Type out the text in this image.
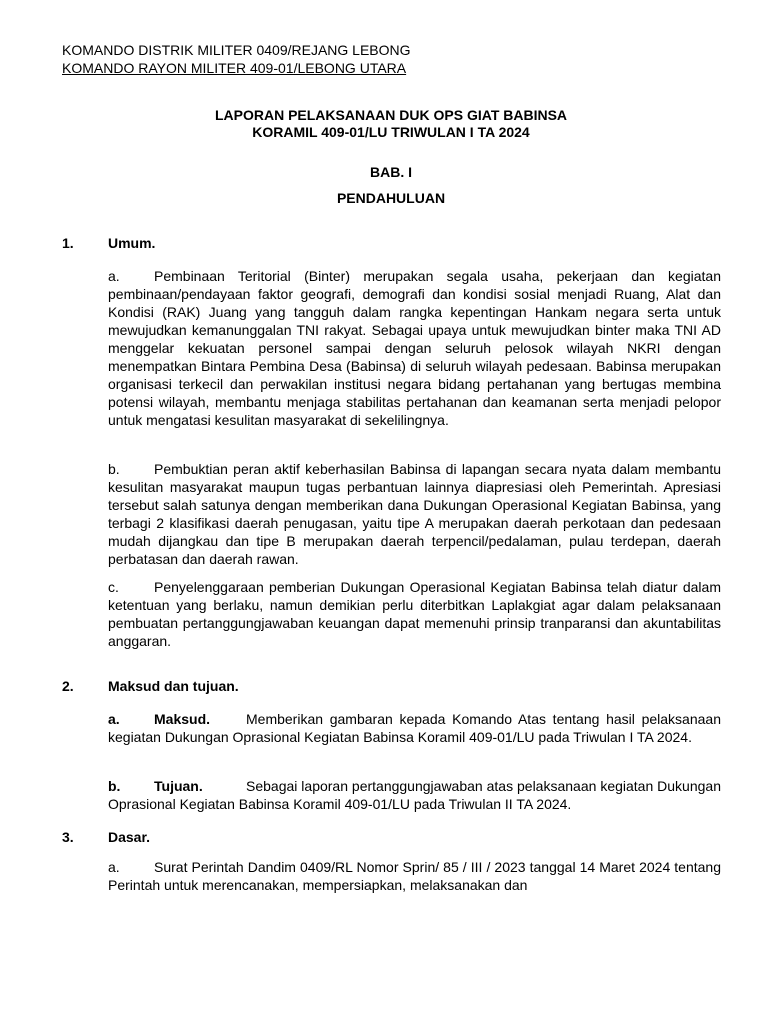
KOMANDO DISTRIK MILITER 0409/REJANG LEBONG
KOMANDO RAYON MILITER 409-01/LEBONG UTARA
LAPORAN PELAKSANAAN DUK OPS GIAT BABINSA
KORAMIL 409-01/LU TRIWULAN I TA 2024
BAB. I
PENDAHULUAN
1. Umum.
a. Pembinaan Teritorial (Binter) merupakan segala usaha, pekerjaan dan kegiatan pembinaan/pendayaan faktor geografi, demografi dan kondisi sosial menjadi Ruang, Alat dan Kondisi (RAK) Juang yang tangguh dalam rangka kepentingan Hankam negara serta untuk mewujudkan kemanunggalan TNI rakyat. Sebagai upaya untuk mewujudkan binter maka TNI AD menggelar kekuatan personel sampai dengan seluruh pelosok wilayah NKRI dengan menempatkan Bintara Pembina Desa (Babinsa) di seluruh wilayah pedesaan. Babinsa merupakan organisasi terkecil dan perwakilan institusi negara bidang pertahanan yang bertugas membina potensi wilayah, membantu menjaga stabilitas pertahanan dan keamanan serta menjadi pelopor untuk mengatasi kesulitan masyarakat di sekelilingnya.
b. Pembuktian peran aktif keberhasilan Babinsa di lapangan secara nyata dalam membantu kesulitan masyarakat maupun tugas perbantuan lainnya diapresiasi oleh Pemerintah. Apresiasi tersebut salah satunya dengan memberikan dana Dukungan Operasional Kegiatan Babinsa, yang terbagi 2 klasifikasi daerah penugasan, yaitu tipe A merupakan daerah perkotaan dan pedesaan mudah dijangkau dan tipe B merupakan daerah terpencil/pedalaman, pulau terdepan, daerah perbatasan dan daerah rawan.
c.	Penyelenggaraan pemberian Dukungan Operasional Kegiatan Babinsa telah diatur dalam ketentuan yang berlaku, namun demikian perlu diterbitkan Laplakgiat agar dalam pelaksanaan pembuatan pertanggungjawaban keuangan dapat memenuhi prinsip tranparansi dan akuntabilitas anggaran.
2. Maksud dan tujuan.
a. Maksud.	Memberikan gambaran kepada Komando Atas tentang hasil pelaksanaan kegiatan Dukungan Oprasional Kegiatan Babinsa Koramil 409-01/LU pada Triwulan I TA 2024.
b. Tujuan.	Sebagai laporan pertanggungjawaban atas pelaksanaan kegiatan Dukungan Oprasional Kegiatan Babinsa Koramil 409-01/LU pada Triwulan II TA 2024.
3. Dasar.
a. Surat Perintah Dandim 0409/RL Nomor Sprin/ 85 / III / 2023 tanggal 14 Maret 2024 tentang Perintah untuk merencanakan, mempersiapkan, melaksanakan dan
